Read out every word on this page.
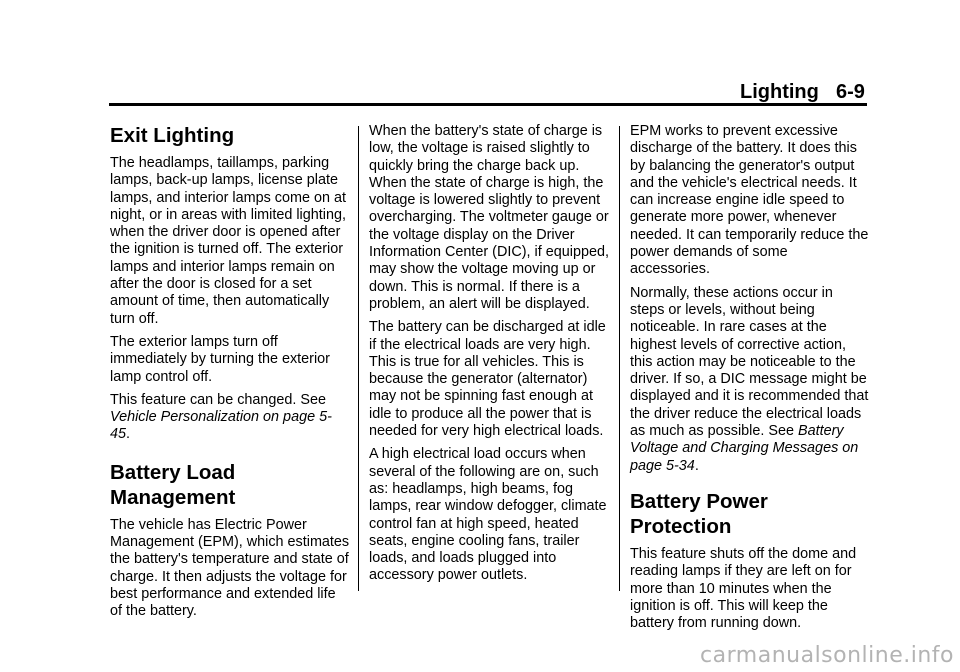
Lighting 6-9
Exit Lighting

The headlamps, taillamps, parking lamps, back-up lamps, license plate lamps, and interior lamps come on at night, or in areas with limited lighting, when the driver door is opened after the ignition is turned off. The exterior lamps and interior lamps remain on after the door is closed for a set amount of time, then automatically turn off.

The exterior lamps turn off immediately by turning the exterior lamp control off.

This feature can be changed. See Vehicle Personalization on page 5-45.

Battery Load Management

The vehicle has Electric Power Management (EPM), which estimates the battery's temperature and state of charge. It then adjusts the voltage for best performance and extended life of the battery.

When the battery's state of charge is low, the voltage is raised slightly to quickly bring the charge back up. When the state of charge is high, the voltage is lowered slightly to prevent overcharging. The voltmeter gauge or the voltage display on the Driver Information Center (DIC), if equipped, may show the voltage moving up or down. This is normal. If there is a problem, an alert will be displayed.

The battery can be discharged at idle if the electrical loads are very high. This is true for all vehicles. This is because the generator (alternator) may not be spinning fast enough at idle to produce all the power that is needed for very high electrical loads.

A high electrical load occurs when several of the following are on, such as: headlamps, high beams, fog lamps, rear window defogger, climate control fan at high speed, heated seats, engine cooling fans, trailer loads, and loads plugged into accessory power outlets.

EPM works to prevent excessive discharge of the battery. It does this by balancing the generator's output and the vehicle's electrical needs. It can increase engine idle speed to generate more power, whenever needed. It can temporarily reduce the power demands of some accessories.

Normally, these actions occur in steps or levels, without being noticeable. In rare cases at the highest levels of corrective action, this action may be noticeable to the driver. If so, a DIC message might be displayed and it is recommended that the driver reduce the electrical loads as much as possible. See Battery Voltage and Charging Messages on page 5-34.

Battery Power Protection

This feature shuts off the dome and reading lamps if they are left on for more than 10 minutes when the ignition is off. This will keep the battery from running down.

carmanualsonline.info
